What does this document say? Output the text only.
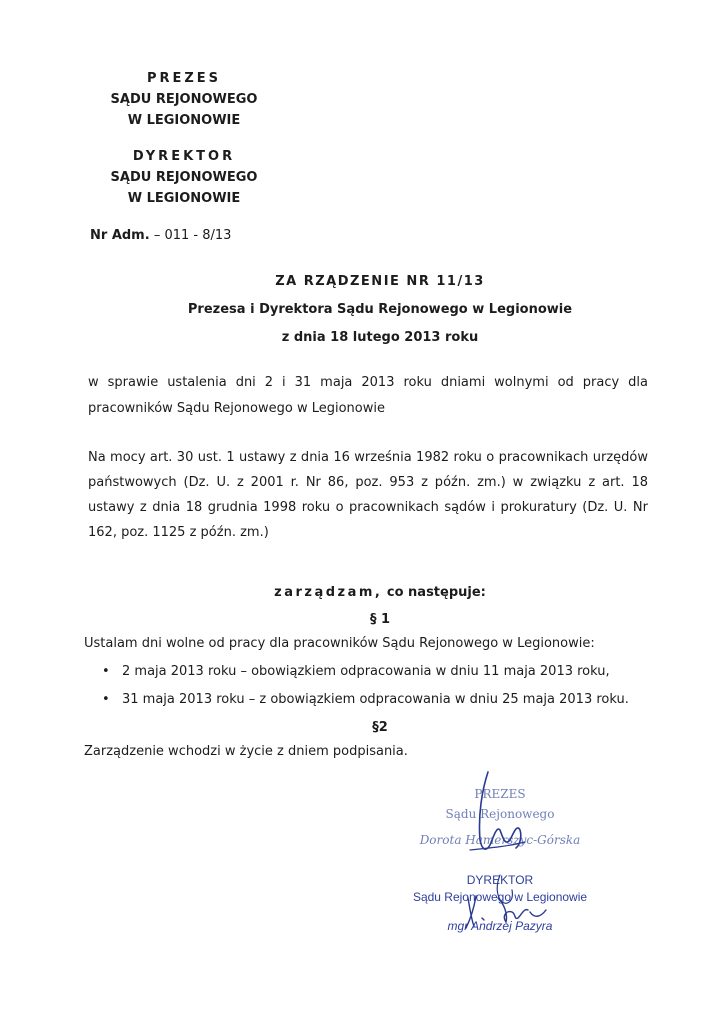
PREZES
SĄDU REJONOWEGO
W LEGIONOWIE
DYREKTOR
SĄDU REJONOWEGO
W LEGIONOWIE
Nr Adm. – 011 - 8/13
ZA RZĄDZENIE NR 11/13
Prezesa i Dyrektora Sądu Rejonowego w Legionowie
z dnia 18 lutego 2013 roku
w sprawie ustalenia dni 2 i 31 maja 2013 roku dniami wolnymi od pracy dla pracowników Sądu Rejonowego w Legionowie
Na mocy art. 30 ust. 1 ustawy z dnia 16 września 1982 roku o pracownikach urzędów państwowych (Dz. U. z 2001 r. Nr 86, poz. 953 z późn. zm.) w związku z art. 18 ustawy z dnia 18 grudnia 1998 roku o pracownikach sądów i prokuratury (Dz. U. Nr 162, poz. 1125 z późn. zm.)
zarządzam, co następuje:
§ 1
Ustalam dni wolne od pracy dla pracowników Sądu Rejonowego w Legionowie:
• 2 maja 2013 roku – obowiązkiem odpracowania w dniu 11 maja 2013 roku,
• 31 maja 2013 roku – z obowiązkiem odpracowania w dniu 25 maja 2013 roku.
§2
Zarządzenie wchodzi w życie z dniem podpisania.
PREZES
Sądu Rejonowego
Dorota Hamerszyc-Górska
DYREKTOR
Sądu Rejonowego w Legionowie
mgr Andrzej Pazyra
